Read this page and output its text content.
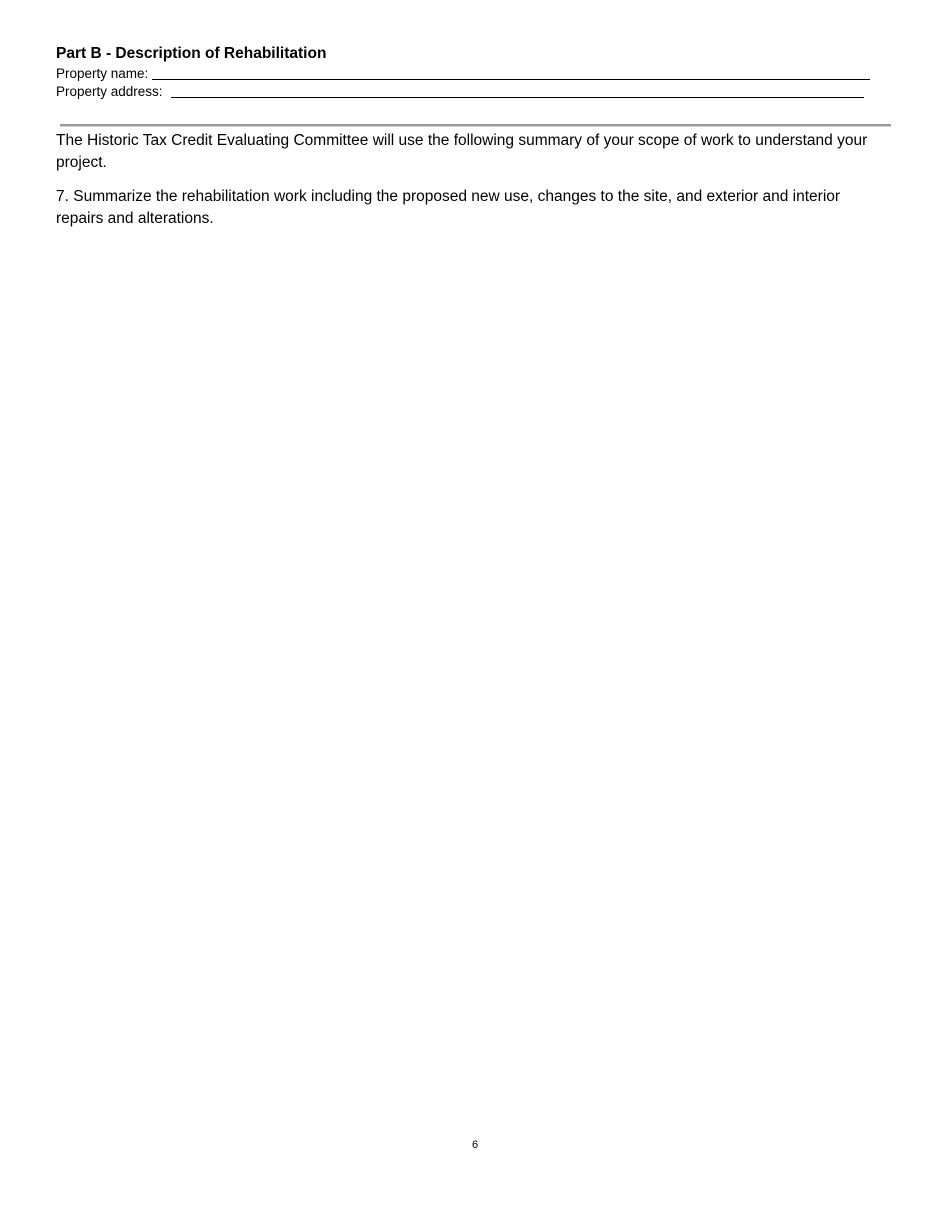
Part B - Description of Rehabilitation
Property name:
Property address:

The Historic Tax Credit Evaluating Committee will use the following summary of your scope of work to understand your project.

7. Summarize the rehabilitation work including the proposed new use, changes to the site, and exterior and interior repairs and alterations.

6
